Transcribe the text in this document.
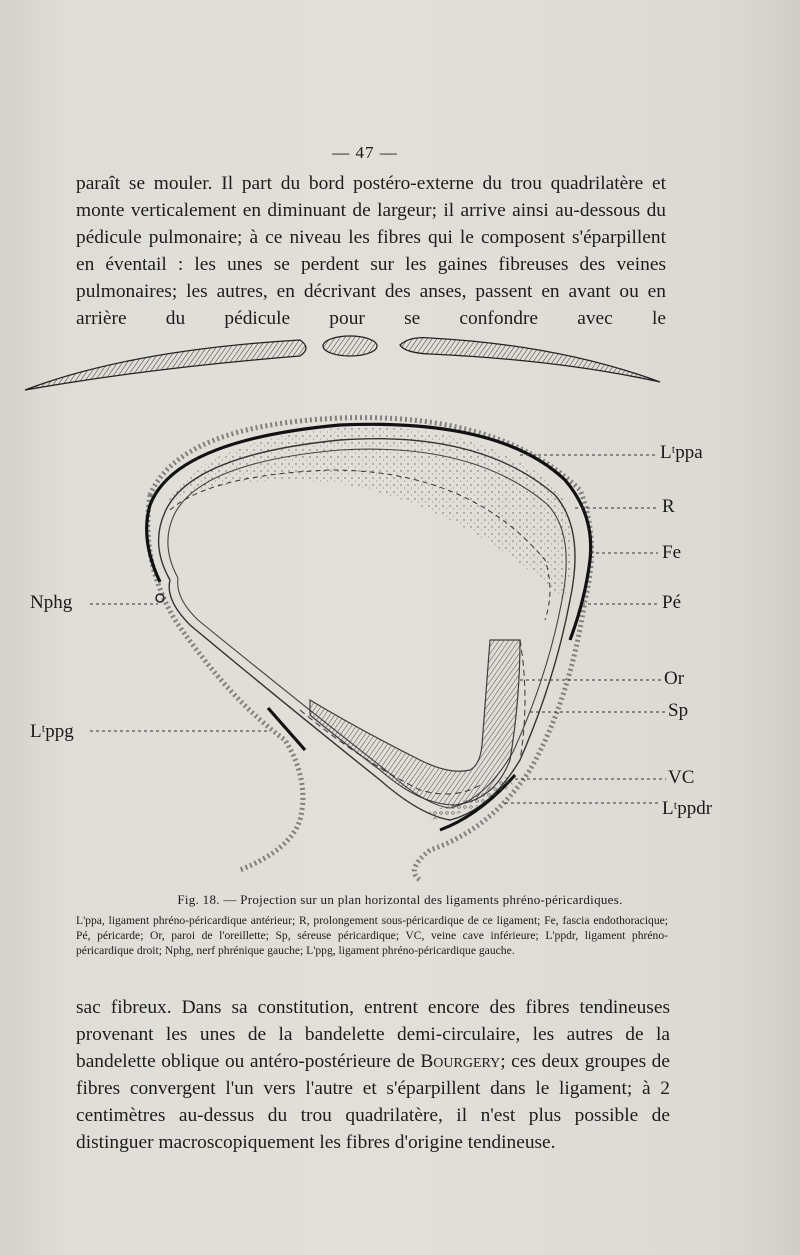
— 47 —

paraît se mouler. Il part du bord postéro-externe du trou quadrilatère et monte verticalement en diminuant de largeur; il arrive ainsi au-dessous du pédicule pulmonaire; à ce niveau les fibres qui le composent s'éparpillent en éventail : les unes se perdent sur les gaines fibreuses des veines pulmonaires; les autres, en décrivant des anses, passent en avant ou en arrière du pédicule pour se confondre avec le

Lᵗppa
R
Fe
Pé
Nphg
Or
Sp
Lᵗppg
VC
Lᵗppdr
Fig. 18. — Projection sur un plan horizontal des ligaments phréno-péricardiques.
L'ppa, ligament phréno-péricardique antérieur; R, prolongement sous-péricardique de ce ligament; Fe, fascia endothoracique; Pé, péricarde; Or, paroi de l'oreillette; Sp, séreuse péricardique; VC, veine cave inférieure; L'ppdr, ligament phréno-péricardique droit; Nphg, nerf phrénique gauche; L'ppg, ligament phréno-péricardique gauche.

sac fibreux. Dans sa constitution, entrent encore des fibres tendineuses provenant les unes de la bandelette demi-circulaire, les autres de la bandelette oblique ou antéro-postérieure de Bourgery; ces deux groupes de fibres convergent l'un vers l'autre et s'éparpillent dans le ligament; à 2 centimètres au-dessus du trou quadrilatère, il n'est plus possible de distinguer macroscopiquement les fibres d'origine tendineuse.
